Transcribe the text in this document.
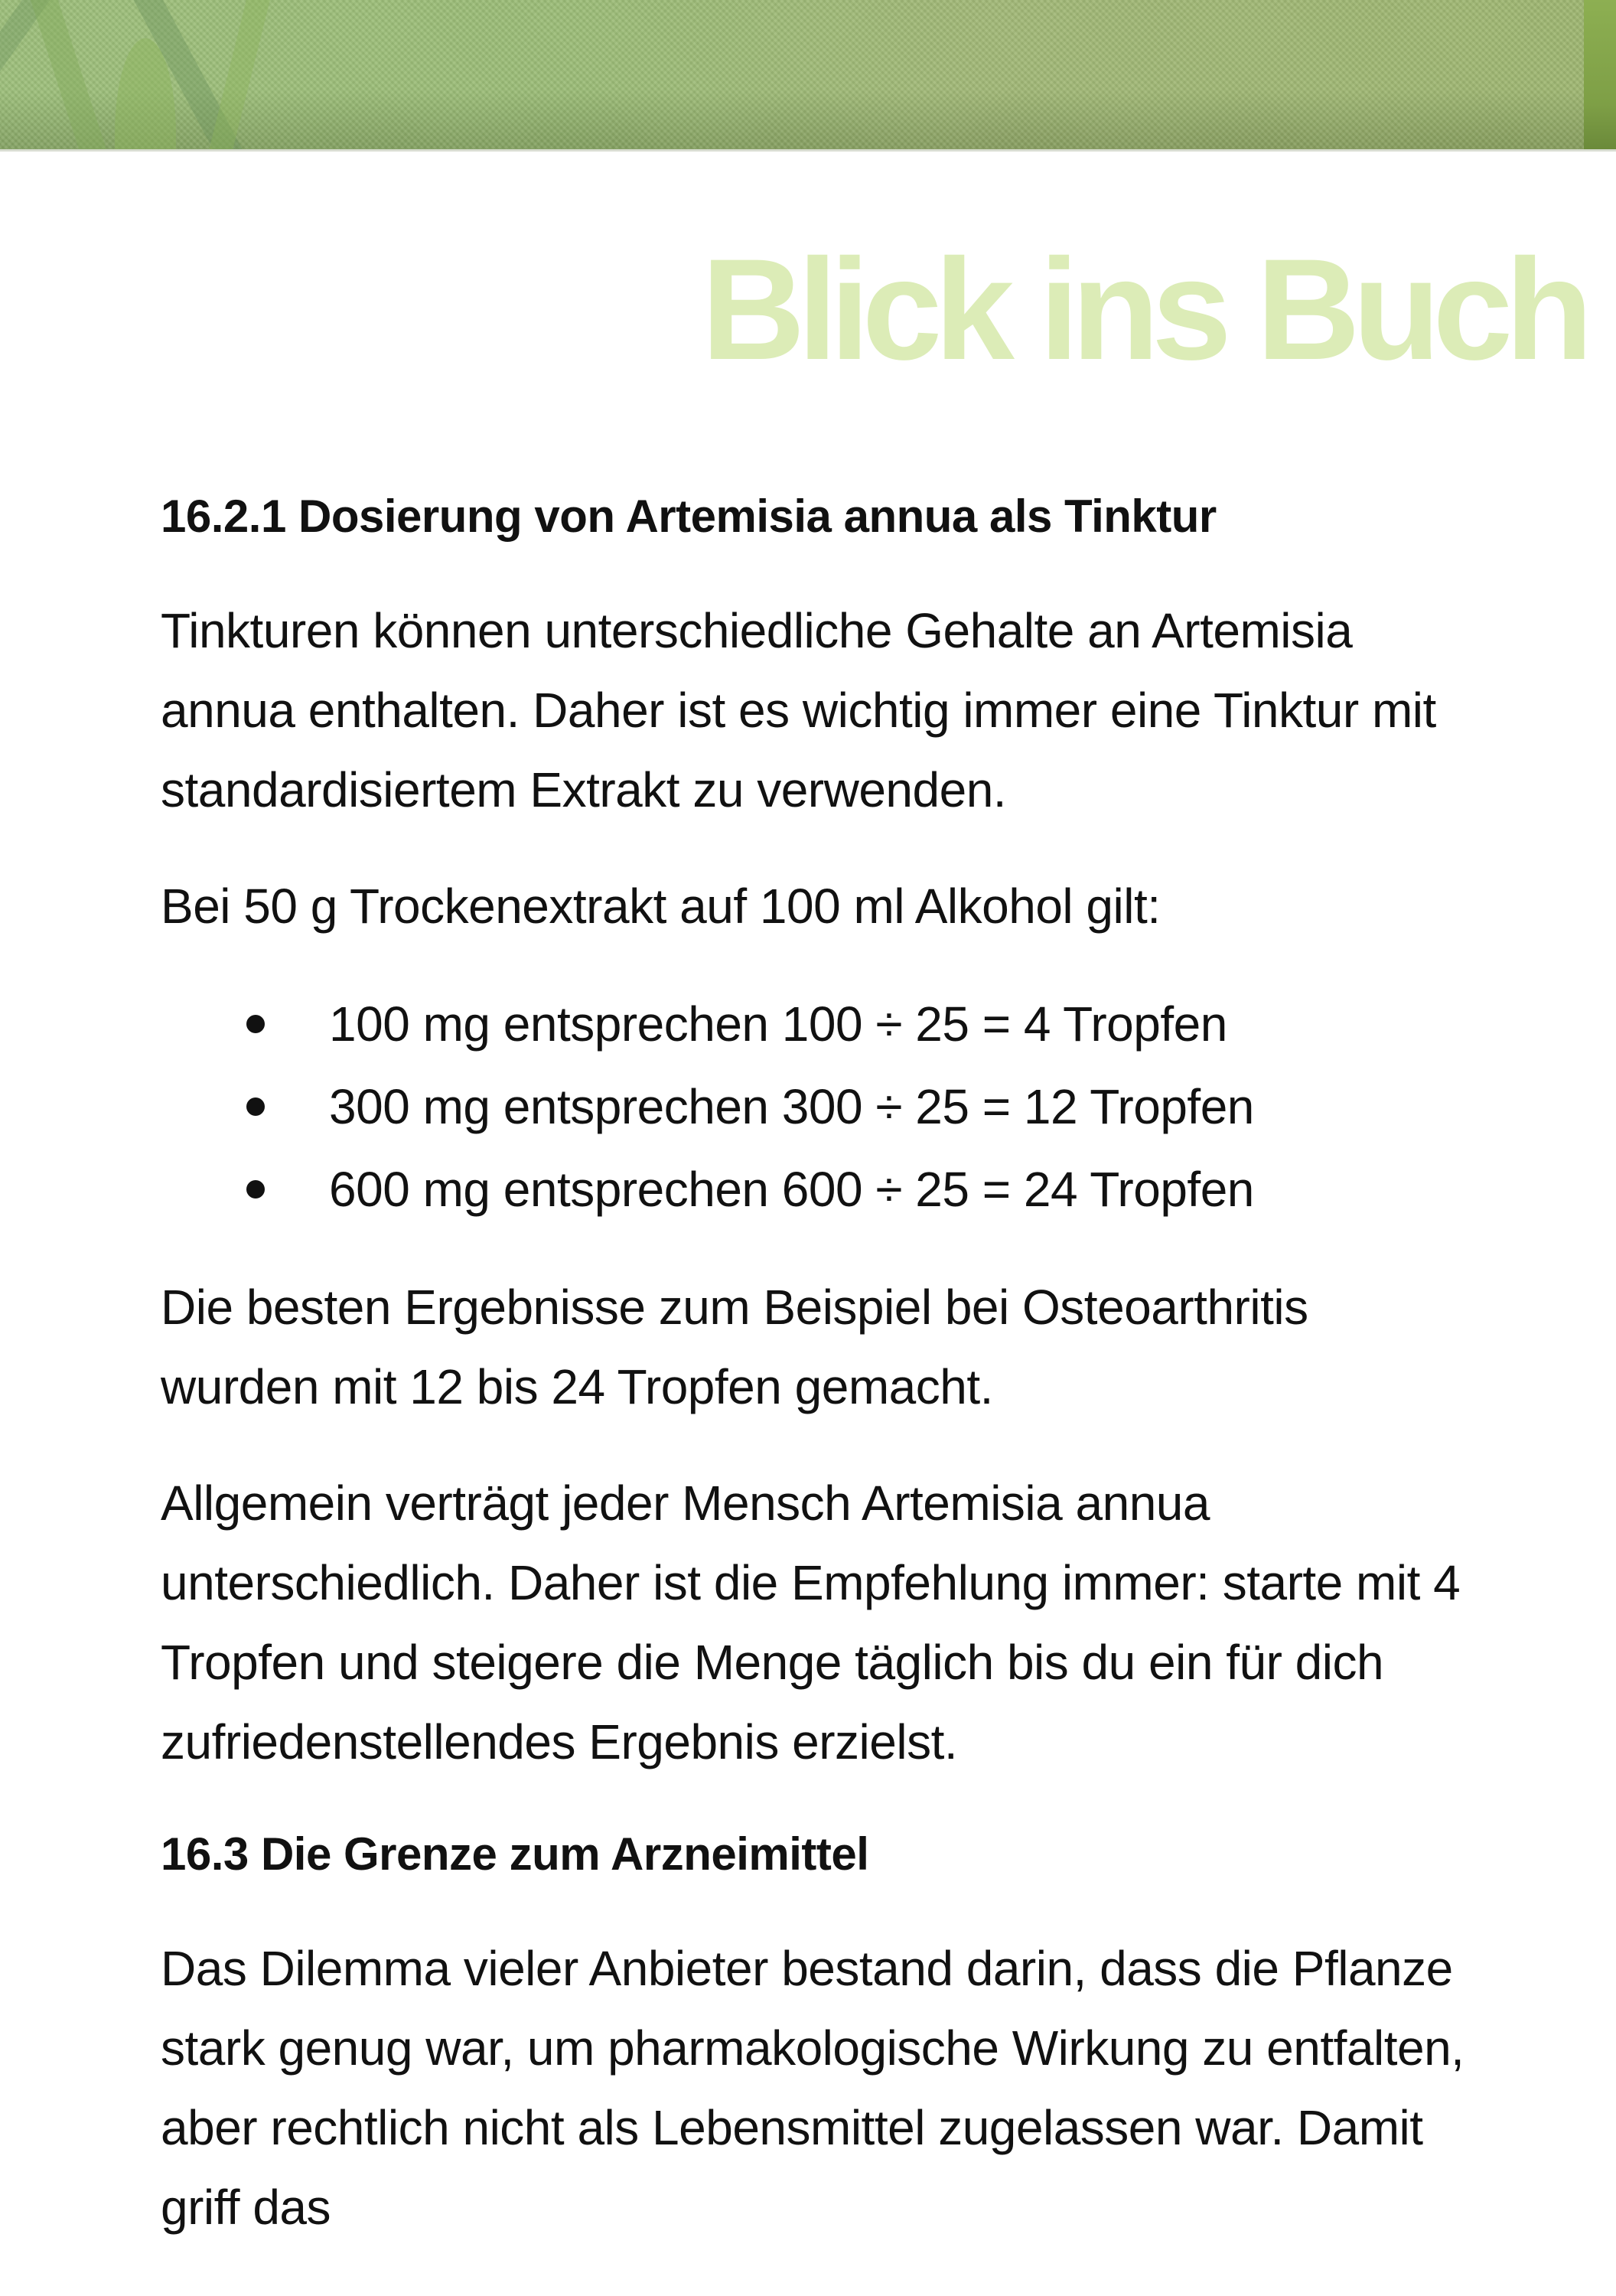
Blick ins Buch
16.2.1 Dosierung von Artemisia annua als Tinktur

Tinkturen können unterschiedliche Gehalte an Artemisia annua enthalten. Daher ist es wichtig immer eine Tinktur mit standardisiertem Extrakt zu verwenden.

Bei 50 g Trockenextrakt auf 100 ml Alkohol gilt:

100 mg entsprechen 100 ÷ 25 = 4 Tropfen
300 mg entsprechen 300 ÷ 25 = 12 Tropfen
600 mg entsprechen 600 ÷ 25 = 24 Tropfen

Die besten Ergebnisse zum Beispiel bei Osteoarthritis wurden mit 12 bis 24 Tropfen gemacht.

Allgemein verträgt jeder Mensch Artemisia annua unterschiedlich. Daher ist die Empfehlung immer: starte mit 4 Tropfen und steigere die Menge täglich bis du ein für dich zufriedenstellendes Ergebnis erzielst.

16.3 Die Grenze zum Arzneimittel

Das Dilemma vieler Anbieter bestand darin, dass die Pflanze stark genug war, um pharmakologische Wirkung zu entfalten, aber rechtlich nicht als Lebensmittel zugelassen war. Damit griff das
